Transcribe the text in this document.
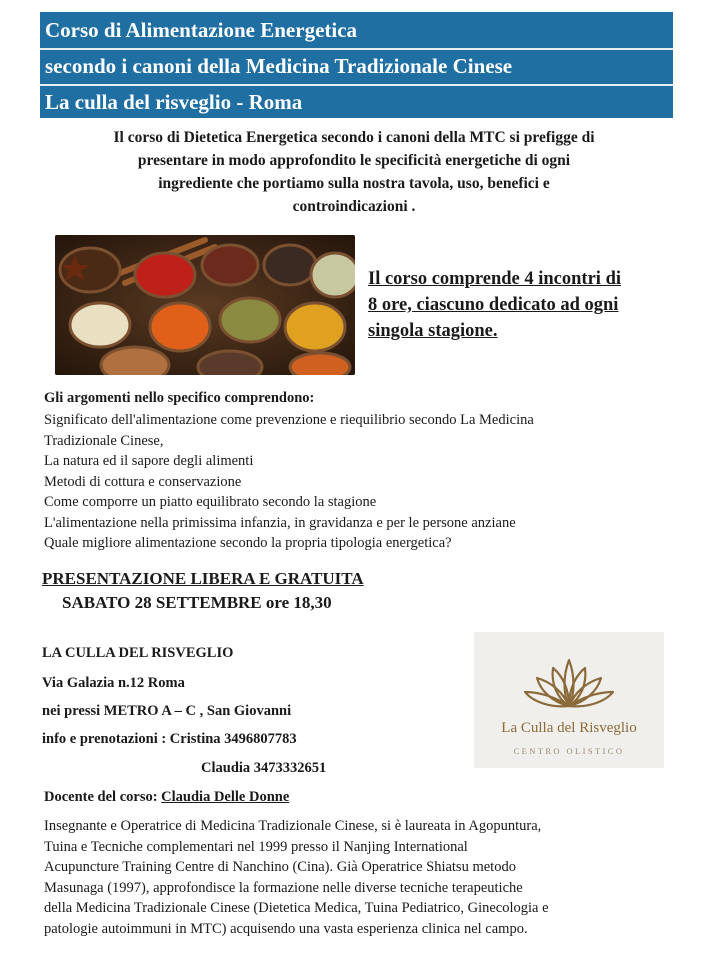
Corso di Alimentazione Energetica
secondo i canoni della Medicina Tradizionale Cinese
La culla del risveglio - Roma
Il corso di Dietetica Energetica secondo i canoni della MTC si prefigge di
presentare in modo approfondito le specificità energetiche di ogni
ingrediente che portiamo sulla nostra tavola, uso, benefici e
controindicazioni .
Il corso comprende 4 incontri di
8 ore, ciascuno dedicato ad ogni
singola stagione.
Gli argomenti nello specifico comprendono:
Significato dell'alimentazione come prevenzione e riequilibrio secondo La Medicina
Tradizionale Cinese,
La natura ed il sapore degli alimenti
Metodi di cottura e conservazione
Come comporre un piatto equilibrato secondo la stagione
L'alimentazione nella primissima infanzia, in gravidanza e per le persone anziane
Quale migliore alimentazione secondo la propria tipologia energetica?
PRESENTAZIONE LIBERA E GRATUITA
SABATO 28 SETTEMBRE ore 18,30
LA CULLA DEL RISVEGLIO
Via Galazia n.12 Roma
nei pressi METRO A – C , San Giovanni
info e prenotazioni : Cristina 3496807783
Claudia 3473332651
La Culla del Risveglio
CENTRO OLISTICO
Docente del corso: Claudia Delle Donne
Insegnante e Operatrice di Medicina Tradizionale Cinese, si è laureata in Agopuntura,
Tuina e Tecniche complementari nel 1999 presso il Nanjing International
Acupuncture Training Centre di Nanchino (Cina). Già Operatrice Shiatsu metodo
Masunaga (1997), approfondisce la formazione nelle diverse tecniche terapeutiche
della Medicina Tradizionale Cinese (Dietetica Medica, Tuina Pediatrico, Ginecologia e
patologie autoimmuni in MTC) acquisendo una vasta esperienza clinica nel campo.
